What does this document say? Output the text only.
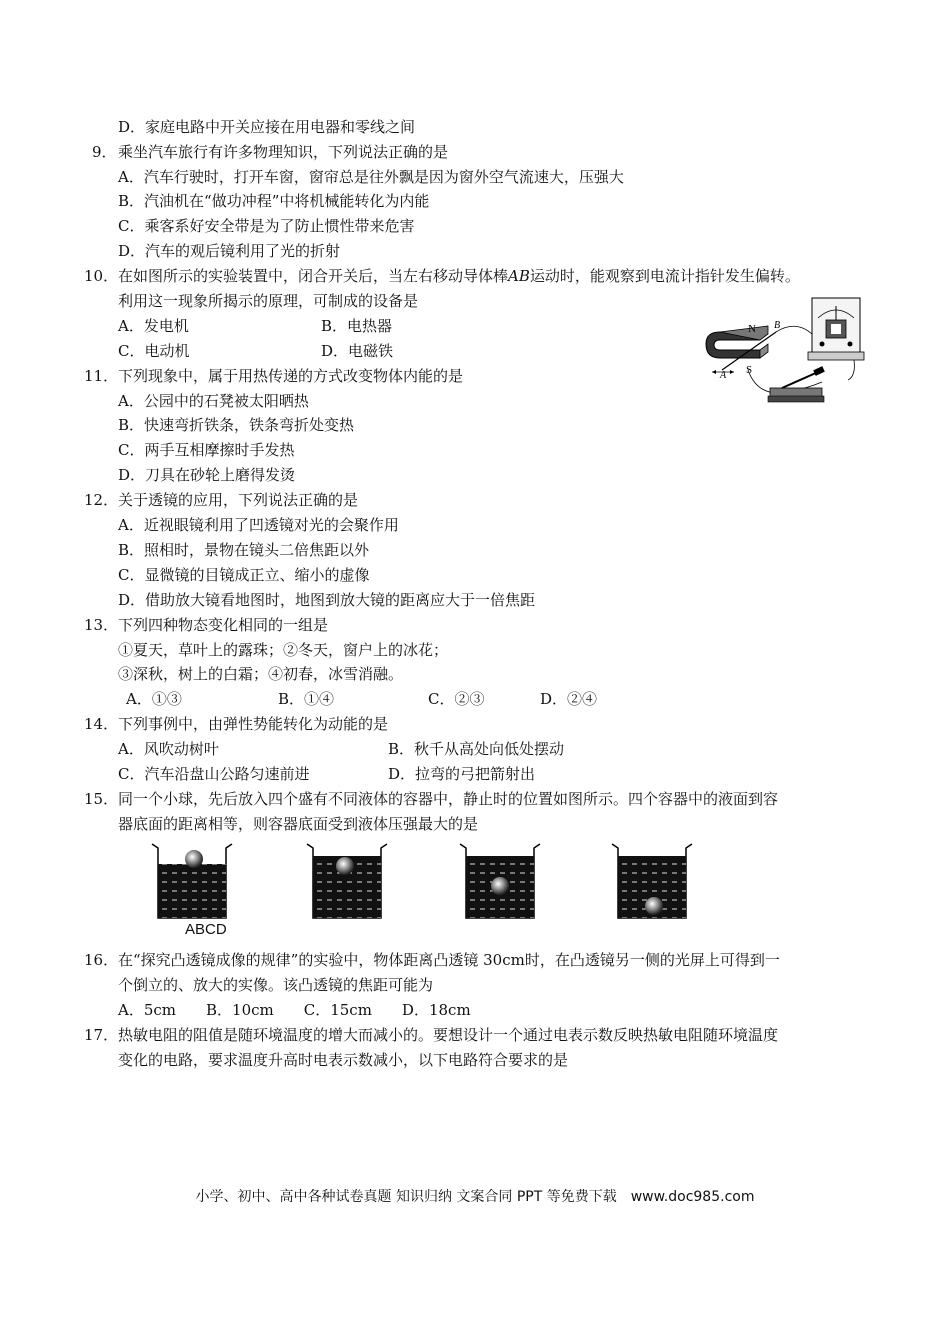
D．家庭电路中开关应接在用电器和零线之间
9． 乘坐汽车旅行有许多物理知识，下列说法正确的是
A．汽车行驶时，打开车窗，窗帘总是往外飘是因为窗外空气流速大，压强大
B．汽油机在“做功冲程”中将机械能转化为内能
C．乘客系好安全带是为了防止惯性带来危害
D．汽车的观后镜利用了光的折射
10． 在如图所示的实验装置中，闭合开关后，当左右移动导体棒AB运动时，能观察到电流计指针发生偏转。
利用这一现象所揭示的原理，可制成的设备是
A．发电机	B．电热器
C．电动机	D．电磁铁
N
S
A
B
11． 下列现象中，属于用热传递的方式改变物体内能的是
A．公园中的石凳被太阳晒热
B．快速弯折铁条，铁条弯折处变热
C．两手互相摩擦时手发热
D．刀具在砂轮上磨得发烫
12． 关于透镜的应用，下列说法正确的是
A．近视眼镜利用了凹透镜对光的会聚作用
B．照相时，景物在镜头二倍焦距以外
C．显微镜的目镜成正立、缩小的虚像
D．借助放大镜看地图时，地图到放大镜的距离应大于一倍焦距
13． 下列四种物态变化相同的一组是
①夏天，草叶上的露珠；②冬天，窗户上的冰花；
③深秋，树上的白霜；④初春，冰雪消融。
A．①③	B．①④	C．②③	D．②④
14． 下列事例中，由弹性势能转化为动能的是
A．风吹动树叶	B．秋千从高处向低处摆动
C．汽车沿盘山公路匀速前进	D．拉弯的弓把箭射出
15． 同一个小球，先后放入四个盛有不同液体的容器中，静止时的位置如图所示。四个容器中的液面到容
器底面的距离相等，则容器底面受到液体压强最大的是
ABCD
16． 在“探究凸透镜成像的规律”的实验中，物体距离凸透镜 30cm时，在凸透镜另一侧的光屏上可得到一
个倒立的、放大的实像。该凸透镜的焦距可能为
A．5cm　　B．10cm　　C．15cm　　D．18cm
17． 热敏电阻的阻值是随环境温度的增大而减小的。要想设计一个通过电表示数反映热敏电阻随环境温度
变化的电路，要求温度升高时电表示数减小，以下电路符合要求的是
小学、初中、高中各种试卷真题 知识归纳 文案合同 PPT 等免费下载　www.doc985.com
